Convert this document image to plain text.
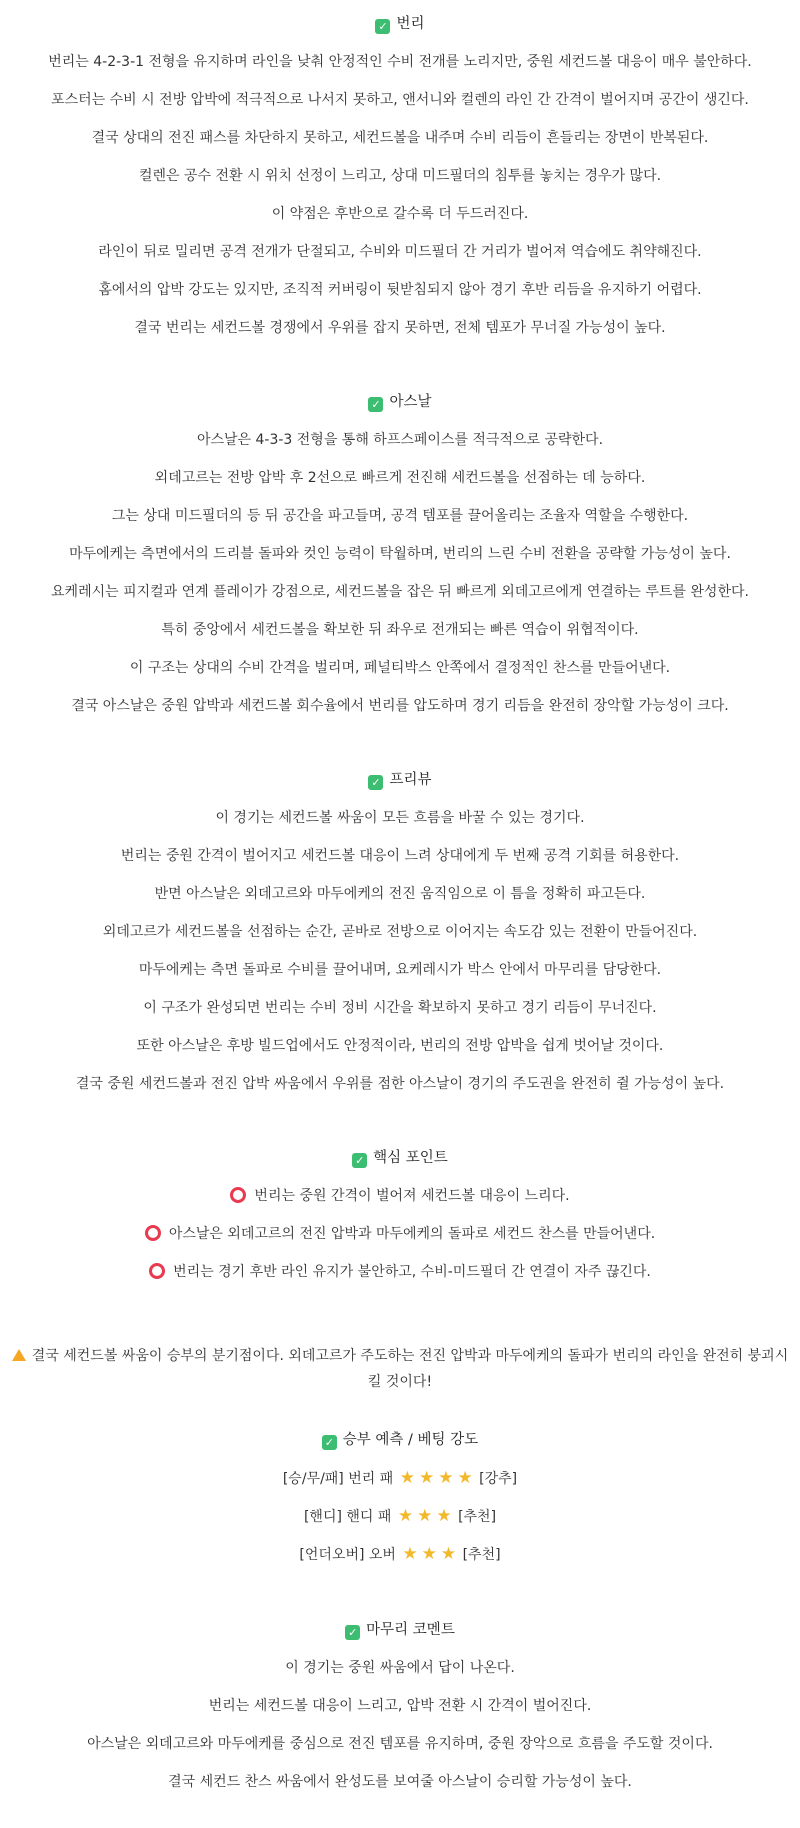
✓ 번리
번리는 4-2-3-1 전형을 유지하며 라인을 낮춰 안정적인 수비 전개를 노리지만, 중원 세컨드볼 대응이 매우 불안하다.
포스터는 수비 시 전방 압박에 적극적으로 나서지 못하고, 앤서니와 컬렌의 라인 간 간격이 벌어지며 공간이 생긴다.
결국 상대의 전진 패스를 차단하지 못하고, 세컨드볼을 내주며 수비 리듬이 흔들리는 장면이 반복된다.
컬렌은 공수 전환 시 위치 선정이 느리고, 상대 미드필더의 침투를 놓치는 경우가 많다.
이 약점은 후반으로 갈수록 더 두드러진다.
라인이 뒤로 밀리면 공격 전개가 단절되고, 수비와 미드필더 간 거리가 벌어져 역습에도 취약해진다.
홈에서의 압박 강도는 있지만, 조직적 커버링이 뒷받침되지 않아 경기 후반 리듬을 유지하기 어렵다.
결국 번리는 세컨드볼 경쟁에서 우위를 잡지 못하면, 전체 템포가 무너질 가능성이 높다.
✓ 아스날
아스날은 4-3-3 전형을 통해 하프스페이스를 적극적으로 공략한다.
외데고르는 전방 압박 후 2선으로 빠르게 전진해 세컨드볼을 선점하는 데 능하다.
그는 상대 미드필더의 등 뒤 공간을 파고들며, 공격 템포를 끌어올리는 조율자 역할을 수행한다.
마두에케는 측면에서의 드리블 돌파와 컷인 능력이 탁월하며, 번리의 느린 수비 전환을 공략할 가능성이 높다.
요케레시는 피지컬과 연계 플레이가 강점으로, 세컨드볼을 잡은 뒤 빠르게 외데고르에게 연결하는 루트를 완성한다.
특히 중앙에서 세컨드볼을 확보한 뒤 좌우로 전개되는 빠른 역습이 위협적이다.
이 구조는 상대의 수비 간격을 벌리며, 페널티박스 안쪽에서 결정적인 찬스를 만들어낸다.
결국 아스날은 중원 압박과 세컨드볼 회수율에서 번리를 압도하며 경기 리듬을 완전히 장악할 가능성이 크다.
✓ 프리뷰
이 경기는 세컨드볼 싸움이 모든 흐름을 바꿀 수 있는 경기다.
번리는 중원 간격이 벌어지고 세컨드볼 대응이 느려 상대에게 두 번째 공격 기회를 허용한다.
반면 아스날은 외데고르와 마두에케의 전진 움직임으로 이 틈을 정확히 파고든다.
외데고르가 세컨드볼을 선점하는 순간, 곧바로 전방으로 이어지는 속도감 있는 전환이 만들어진다.
마두에케는 측면 돌파로 수비를 끌어내며, 요케레시가 박스 안에서 마무리를 담당한다.
이 구조가 완성되면 번리는 수비 정비 시간을 확보하지 못하고 경기 리듬이 무너진다.
또한 아스날은 후방 빌드업에서도 안정적이라, 번리의 전방 압박을 쉽게 벗어날 것이다.
결국 중원 세컨드볼과 전진 압박 싸움에서 우위를 점한 아스날이 경기의 주도권을 완전히 쥘 가능성이 높다.
✓ 핵심 포인트
번리는 중원 간격이 벌어져 세컨드볼 대응이 느리다.
아스날은 외데고르의 전진 압박과 마두에케의 돌파로 세컨드 찬스를 만들어낸다.
번리는 경기 후반 라인 유지가 불안하고, 수비-미드필더 간 연결이 자주 끊긴다.
결국 세컨드볼 싸움이 승부의 분기점이다. 외데고르가 주도하는 전진 압박과 마두에케의 돌파가 번리의 라인을 완전히 붕괴시킬 것이다!
✓ 승부 예측 / 베팅 강도
[승/무/패] 번리 패 ★ ★ ★ ★ [강추]
[핸디] 핸디 패 ★ ★ ★ [추천]
[언더오버] 오버 ★ ★ ★ [추천]
✓ 마무리 코멘트
이 경기는 중원 싸움에서 답이 나온다.
번리는 세컨드볼 대응이 느리고, 압박 전환 시 간격이 벌어진다.
아스날은 외데고르와 마두에케를 중심으로 전진 템포를 유지하며, 중원 장악으로 흐름을 주도할 것이다.
결국 세컨드 찬스 싸움에서 완성도를 보여줄 아스날이 승리할 가능성이 높다.
